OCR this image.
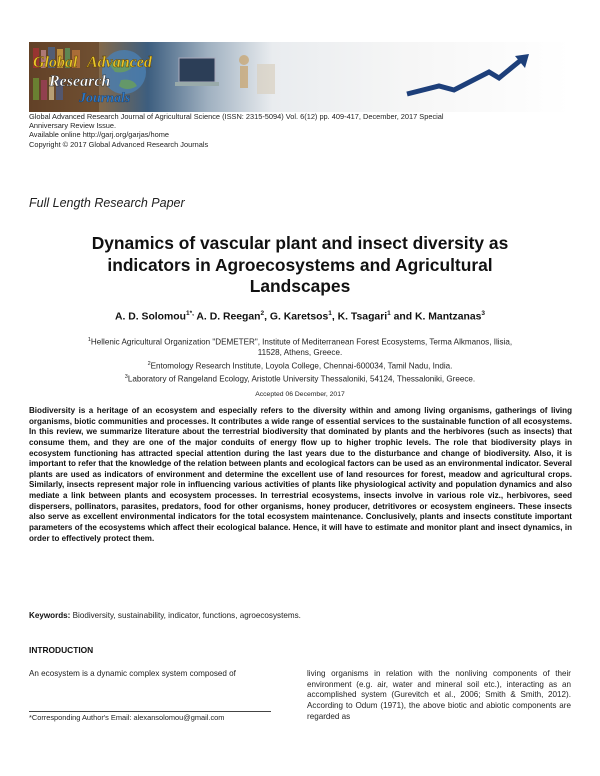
Global Advanced
Research
Journals
Global Advanced Research Journal of Agricultural Science (ISSN: 2315-5094) Vol. 6(12) pp. 409-417, December, 2017 Special
Anniversary Review Issue.
Available online http://garj.org/garjas/home
Copyright © 2017 Global Advanced Research Journals
Full Length Research Paper
Dynamics of vascular plant and insect diversity as
indicators in Agroecosystems and Agricultural
Landscapes
A. D. Solomou$^{1*,}$ A. D. Reegan$^2$, G. Karetsos$^1$, K. Tsagari$^1$ and K. Mantzanas$^3$
$^1$Hellenic Agricultural Organization "DEMETER", Institute of Mediterranean Forest Ecosystems, Terma Alkmanos, Ilisia,
11528, Athens, Greece.
$^2$Entomology Research Institute, Loyola College, Chennai-600034, Tamil Nadu, India.
$^3$Laboratory of Rangeland Ecology, Aristotle University Thessaloniki, 54124, Thessaloniki, Greece.
Accepted 06 December, 2017
Biodiversity is a heritage of an ecosystem and especially refers to the diversity within and among living organisms, gatherings of living organisms, biotic communities and processes. It contributes a wide range of essential services to the sustainable function of all ecosystems. In this review, we summarize literature about the terrestrial biodiversity that dominated by plants and the herbivores (such as insects) that consume them, and they are one of the major conduits of energy flow up to higher trophic levels. The role that biodiversity plays in ecosystem functioning has attracted special attention during the last years due to the disturbance and change of biodiversity. Also, it is important to refer that the knowledge of the relation between plants and ecological factors can be used as an environmental indicator. Several plants are used as indicators of environment and determine the excellent use of land resources for forest, meadow and agricultural crops. Similarly, insects represent major role in influencing various activities of plants like physiological activity and population dynamics and also mediate a link between plants and ecosystem processes. In terrestrial ecosystems, insects involve in various role viz., herbivores, seed dispersers, pollinators, parasites, predators, food for other organisms, honey producer, detritivores or ecosystem engineers. These insects also serve as excellent environmental indicators for the total ecosystem maintenance. Conclusively, plants and insects constitute important parameters of the ecosystems which affect their ecological balance. Hence, it will have to estimate and monitor plant and insect dynamics, in order to effectively protect them.
Keywords: Biodiversity, sustainability, indicator, functions, agroecosystems.
INTRODUCTION
An ecosystem is a dynamic complex system composed of	living organisms in relation with the nonliving components of their environment (e.g. air, water and mineral soil etc.), interacting as an accomplished system (Gurevitch et al., 2006; Smith & Smith, 2012). According to Odum (1971), the above biotic and abiotic components are regarded as
*Corresponding Author's Email: alexansolomou@gmail.com
